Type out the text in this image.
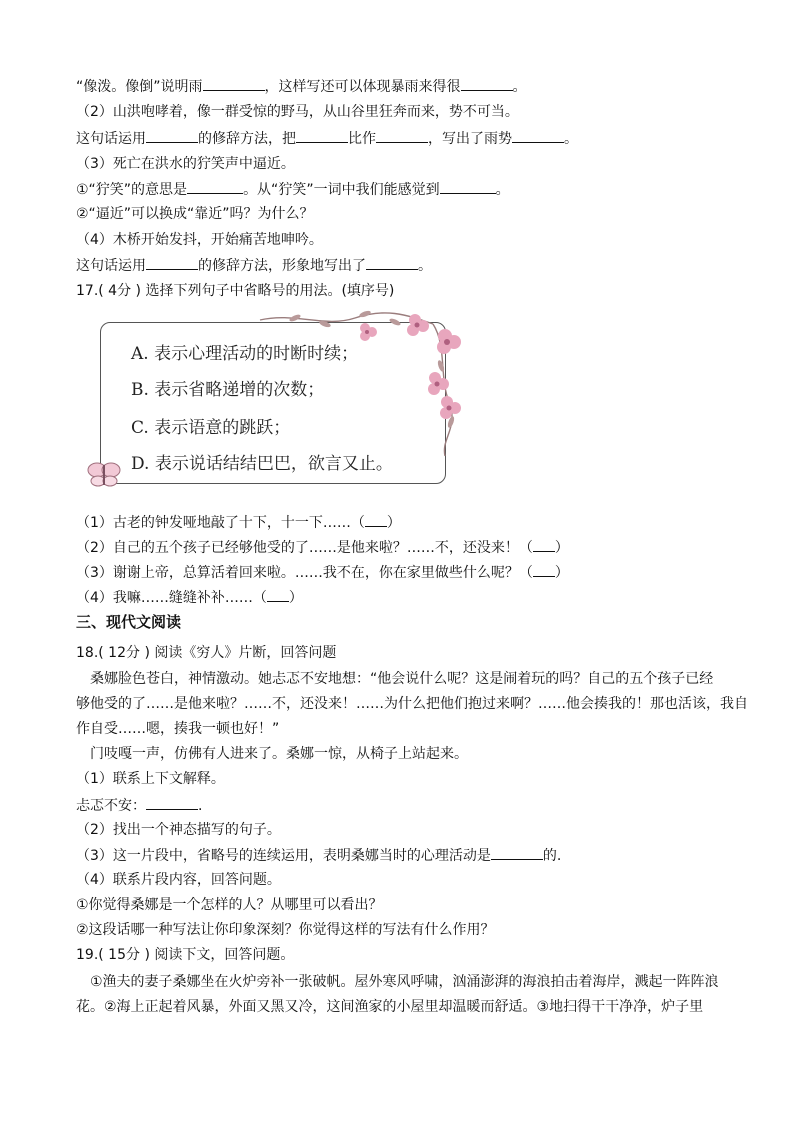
“像泼。像倒”说明雨	，这样写还可以体现暴雨来得很	。
（2）山洪咆哮着，像一群受惊的野马，从山谷里狂奔而来，势不可当。
这句话运用	的修辞方法，把	比作	，写出了雨势	。
（3）死亡在洪水的狞笑声中逼近。
①“狞笑”的意思是	。从“狞笑”一词中我们能感觉到	。
②“逼近”可以换成“靠近”吗？为什么？
（4）木桥开始发抖，开始痛苦地呻吟。
这句话运用	的修辞方法，形象地写出了	。
17.( 4分 ) 选择下列句子中省略号的用法。(填序号)
A. 表示心理活动的时断时续；
B. 表示省略递增的次数；
C. 表示语意的跳跃；
D. 表示说话结结巴巴，欲言又止。
（1）古老的钟发哑地敲了十下，十一下……（ ）
（2）自己的五个孩子已经够他受的了……是他来啦？……不，还没来！（ ）
（3）谢谢上帝，总算活着回来啦。……我不在，你在家里做些什么呢？（ ）
（4）我嘛……缝缝补补……（ ）
三、现代文阅读
18.( 12分 ) 阅读《穷人》片断，回答问题
桑娜脸色苍白，神情激动。她忐忑不安地想：“他会说什么呢？这是闹着玩的吗？自己的五个孩子已经
够他受的了……是他来啦？……不，还没来！……为什么把他们抱过来啊？……他会揍我的！那也活该，我自
作自受……嗯，揍我一顿也好！”
门吱嘎一声，仿佛有人进来了。桑娜一惊，从椅子上站起来。
（1）联系上下文解释。
忐忑不安：	.
（2）找出一个神态描写的句子。
（3）这一片段中，省略号的连续运用，表明桑娜当时的心理活动是	的.
（4）联系片段内容，回答问题。
①你觉得桑娜是一个怎样的人？从哪里可以看出？
②这段话哪一种写法让你印象深刻？你觉得这样的写法有什么作用？
19.( 15分 ) 阅读下文，回答问题。
①渔夫的妻子桑娜坐在火炉旁补一张破帆。屋外寒风呼啸，汹涌澎湃的海浪拍击着海岸，溅起一阵阵浪
花。②海上正起着风暴，外面又黑又冷，这间渔家的小屋里却温暖而舒适。③地扫得干干净净，炉子里
